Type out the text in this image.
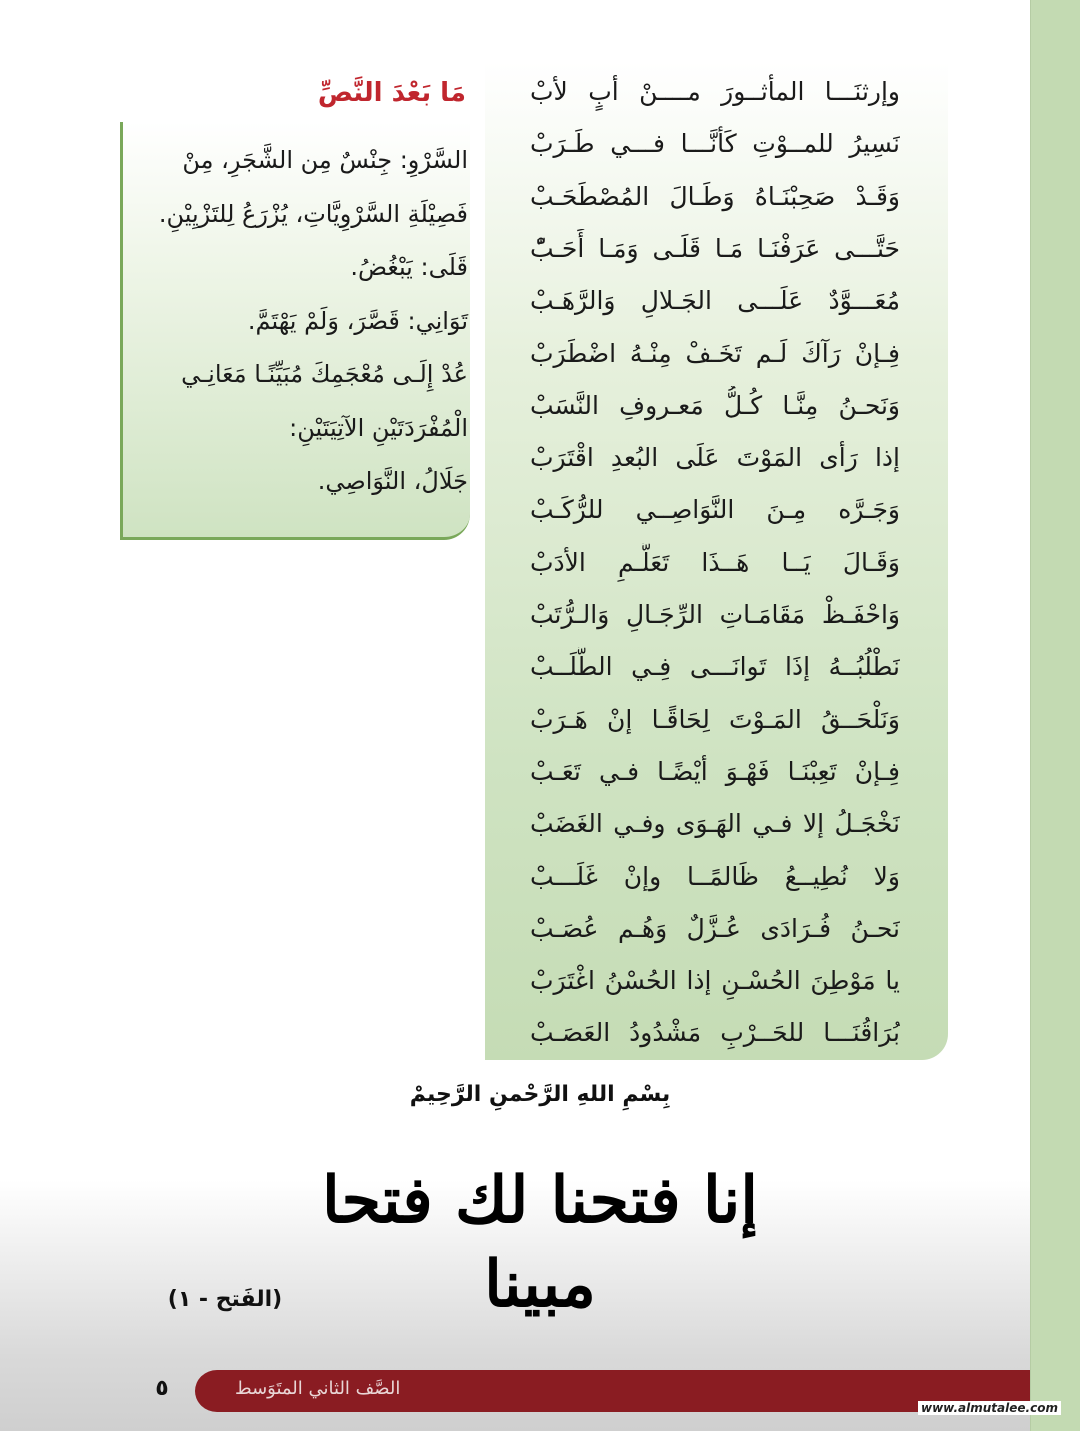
وإرثنَـــا المأثــورَ مــــنْ أبٍ لأبْ
نَسِيرُ للمــوْتِ كَأنَّـــا فـــي طَـرَبْ
وَقَـدْ صَحِبْنَـاهُ وَطَـالَ المُصْطَحَـبْ
حَتَّـــى عَرَفْنَـا مَـا قَلَـى وَمَـا أَحَـبّْ
مُعَـــوَّدٌ عَلَـــى الجَـلالِ وَالرَّهَـبْ
فِـإنْ رَآكَ لَـم تَخَـفْ مِنْـهُ اضْطَرَبْ
وَنَحـنُ مِنَّـا كُـلُّ مَعـروفِ النَّسَبْ
إذا رَأى المَوْتَ عَلَى البُعدِ اقْتَرَبْ
وَجَـرَّه مِـنَ النَّوَاصِــي للرُّكَـبْ
وَقَـالَ يَــا هَــذَا تَعَلَّـمِ الأدَبْ
وَاحْفَـظْ مَقَامَـاتِ الرِّجَـالِ وَالـرُّتَبْ
نَطْلُبُــهُ إذَا تَوانَـــى فِـي الطَّلَــبْ
وَنَلْحَــقُ المَـوْتَ لِحَاقًـا إنْ هَـرَبْ
فِـإنْ تَعِبْنَـا فَهْـوَ أيْضًـا فـي تَعَـبْ
نَخْجَـلُ إلا فـي الهَـوَى وفـي الغَضَبْ
وَلا نُطِيــعُ ظَالمًــا وإنْ غَلَـــبْ
نَحـنُ فُـرَادَى عُـزَّلٌ وَهُـم عُصَـبْ
يا مَوْطِنَ الحُسْـنِ إذا الحُسْنُ اغْتَرَبْ
بُرَاقُنَـــا للحَــرْبِ مَشْدُودُ العَصَـبْ
مَا بَعْدَ النَّصِّ
السَّرْوِ: جِنْسٌ مِن الشَّجَرِ، مِنْ
فَصِيْلَةِ السَّرْوِيَّاتِ، يُزْرَعُ لِلتَزْيِيْنِ.
قَلَى: يَبْغُضُ.
تَوَانِي: قَصَّرَ، وَلَمْ يَهْتَمَّ.
عُدْ إِلَـى مُعْجَمِكَ مُبَيِّنًـا مَعَانِـي
الْمُفْرَدَتَيْنِ الآتِيَتَيْنِ:
جَلَالُ، النَّوَاصِي.
بِسْمِ اللهِ الرَّحْمنِ الرَّحِيمْ
إنا فتحنا لك فتحا مبينا
(الفَتح - ١)
الصَّف الثاني المتَوَسط
٥
www.almutalee.com
